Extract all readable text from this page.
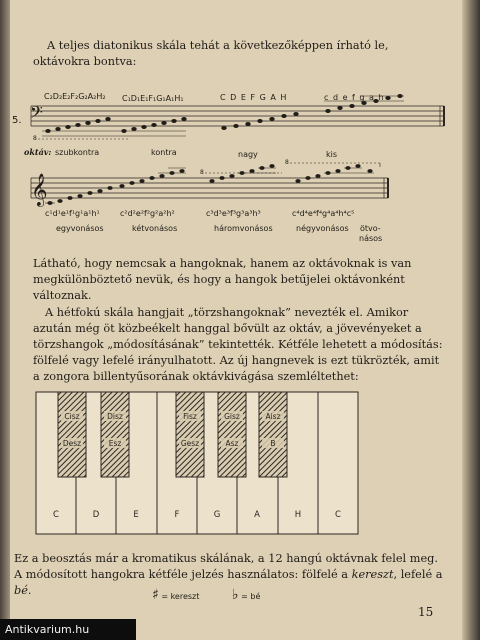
A teljes diatonikus skála tehát a következőképpen írható le, oktávokra bontva:
5. 𝄢
8
C₂D₂E₂F₂G₂A₂H₂ C₁D₁E₁F₁G₁A₁H₁	C D E F G A H	c d e f g a h
oktáv: szubkontra	kontra	nagy	kis
𝄞
8
8
c¹d¹e¹f¹g¹a¹h¹	c²d²e²f²g²a²h²	c³d³e³f³g³a³h³	c⁴d⁴e⁴f⁴g⁴a⁴h⁴c⁵
egyvonásos	kétvonásos	háromvonásos	négyvonásos ötvo-
násos
Cisz
Desz
Disz
Esz
Fisz
Gesz
Gisz
Asz
Aisz
B
C	D	E	F	G	A	H	C

Látható, hogy nemcsak a hangoknak, hanem az oktávoknak is van megkülönböztető nevük, és hogy a hangok betűjelei oktávonként változnak.

A hétfokú skála hangjait „törzshangoknak” nevezték el. Amikor azután még öt közbeékelt hanggal bővült az oktáv, a jövevényeket a törzshangok „módosításának” tekintették. Kétféle lehetett a módosítás: fölfelé vagy lefelé irányulhatott. Az új hangnevek is ezt tükrözték, amit a zongora billentyűsorának oktávkivágása szemléltethet:

Ez a beosztás már a kromatikus skálának, a 12 hangú oktávnak felel meg.
A módosított hangokra kétféle jelzés használatos: fölfelé a kereszt, lefelé a
bé.	♯ = kereszt ♭ = bé
15
Antikvarium.hu
